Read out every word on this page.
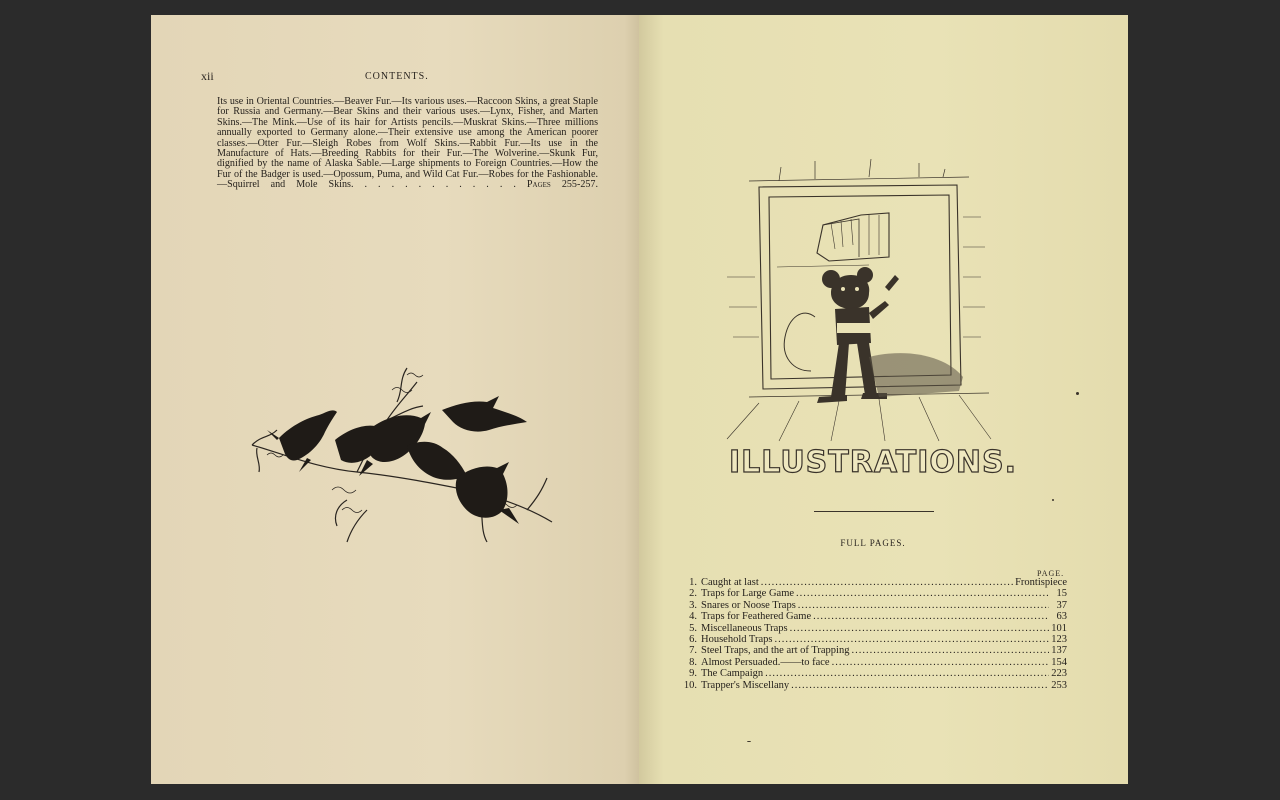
xii	CONTENTS.

Its use in Oriental Countries.—Beaver Fur.—Its various uses.—Raccoon Skins, a great Staple for Russia and Germany.—Bear Skins and their various uses.—Lynx, Fisher, and Marten Skins.—The Mink.—Use of its hair for Artists pencils.—Muskrat Skins.—Three millions annually exported to Germany alone.—Their extensive use among the American poorer classes.—Otter Fur.—Sleigh Robes from Wolf Skins.—Rabbit Fur.—Its use in the Manufacture of Hats.—Breeding Rabbits for their Fur.—The Wolverine.—Skunk Fur, dignified by the name of Alaska Sable.—Large shipments to Foreign Countries.—How the Fur of the Badger is used.—Opossum, Puma, and Wild Cat Fur.—Robes for the Fashionable.—Squirrel and Mole Skins. . . . . . . . . . . . . Pages 255-257.

ILLUSTRATIONS.
FULL PAGES.
PAGE.
1. Caught at last .....	Frontispiece
2. Traps for Large Game .....	15
3. Snares or Noose Traps .....	37
4. Traps for Feathered Game .....	63
5. Miscellaneous Traps .....	101
6. Household Traps .....	123
7. Steel Traps, and the art of Trapping .....	137
8. Almost Persuaded.——to face .....	154
9. The Campaign .....	223
10. Trapper's Miscellany .....	253
